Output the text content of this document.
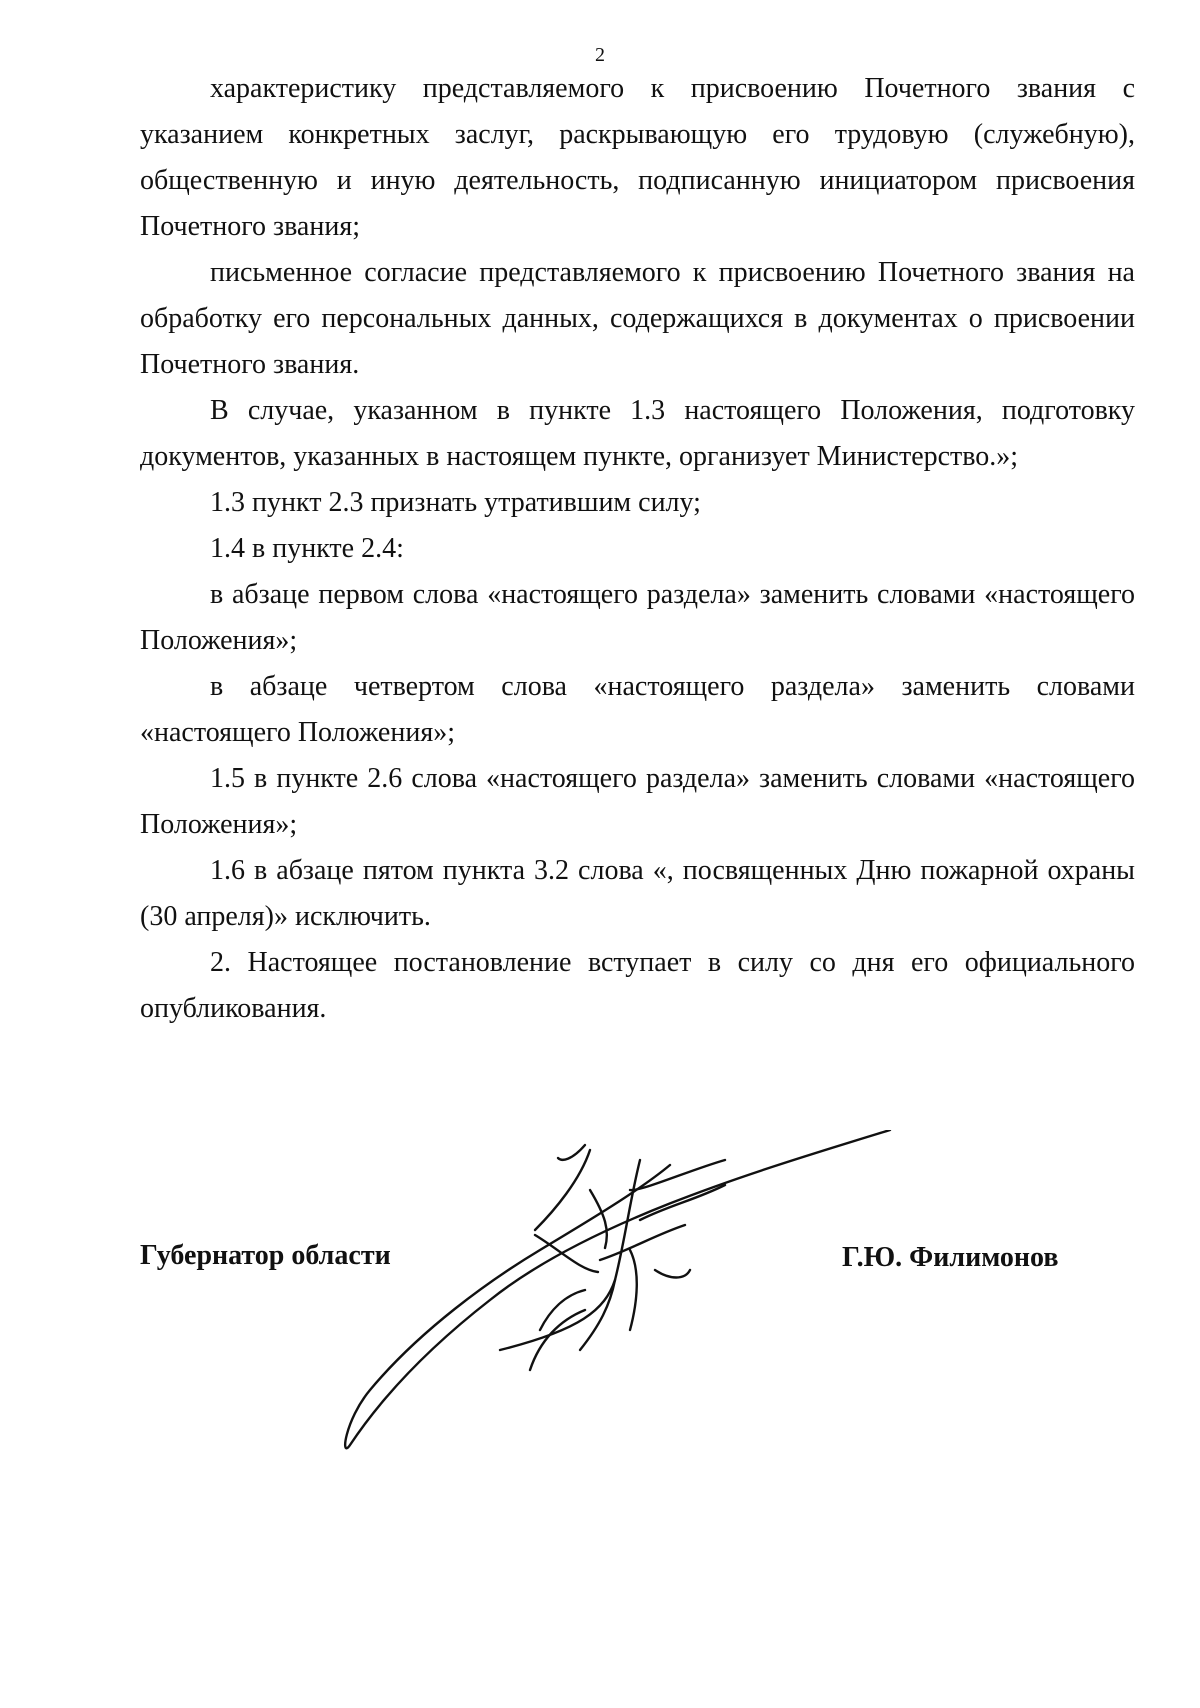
2

характеристику представляемого к присвоению Почетного звания с указанием конкретных заслуг, раскрывающую его трудовую (служебную), общественную и иную деятельность, подписанную инициатором присвоения Почетного звания;

письменное согласие представляемого к присвоению Почетного звания на обработку его персональных данных, содержащихся в документах о присвоении Почетного звания.

В случае, указанном в пункте 1.3 настоящего Положения, подготовку документов, указанных в настоящем пункте, организует Министерство.»;

1.3 пункт 2.3 признать утратившим силу;

1.4 в пункте 2.4:

в абзаце первом слова «настоящего раздела» заменить словами «настоящего Положения»;

в абзаце четвертом слова «настоящего раздела» заменить словами «настоящего Положения»;

1.5 в пункте 2.6 слова «настоящего раздела» заменить словами «настоящего Положения»;

1.6 в абзаце пятом пункта 3.2 слова «, посвященных Дню пожарной охраны (30 апреля)» исключить.

2. Настоящее постановление вступает в силу со дня его официального опубликования.

Губернатор области	Г.Ю. Филимонов
